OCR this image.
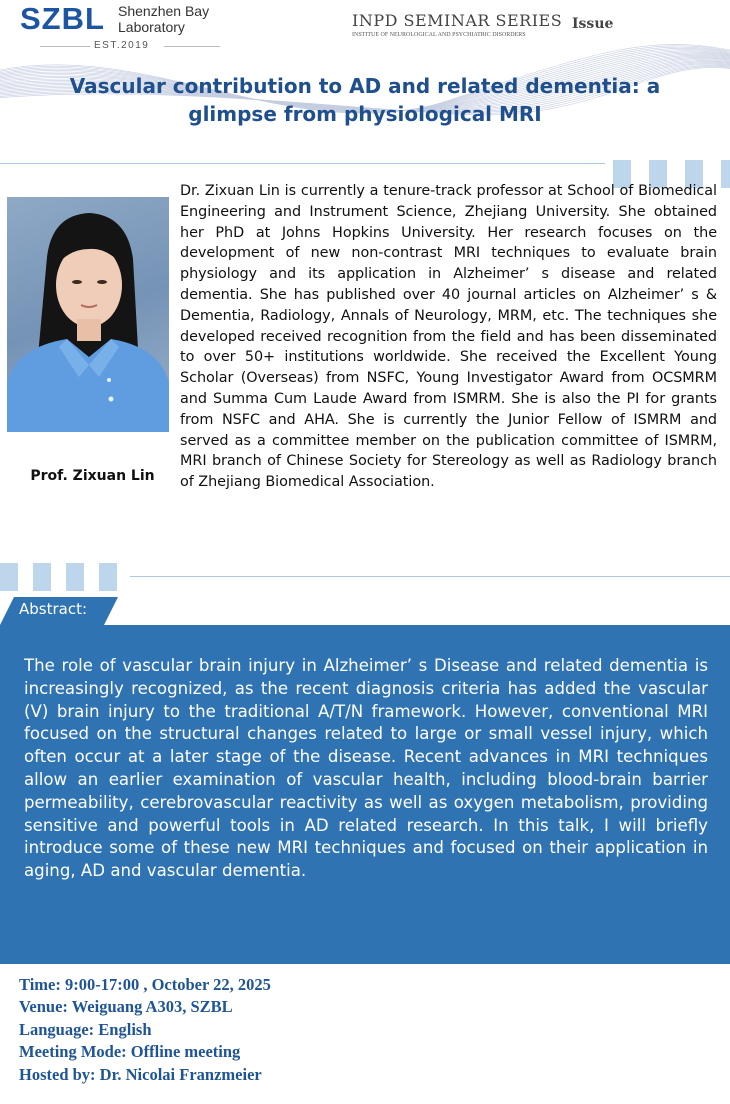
SZBL Shenzhen Bay
Laboratory
EST.2019
INPD SEMINAR SERIES
INSTITUE OF NEUROLOGICAL AND PSYCHIATRIC DISORDERS
Issue
Vascular contribution to AD and related dementia: a glimpse from physiological MRI
Prof. Zixuan Lin
Dr. Zixuan Lin is currently a tenure-track professor at School of Biomedical Engineering and Instrument Science, Zhejiang University. She obtained her PhD at Johns Hopkins University. Her research focuses on the development of new non-contrast MRI techniques to evaluate brain physiology and its application in Alzheimer’ s disease and related dementia. She has published over 40 journal articles on Alzheimer’ s & Dementia, Radiology, Annals of Neurology, MRM, etc. The techniques she developed received recognition from the field and has been disseminated to over 50+ institutions worldwide. She received the Excellent Young Scholar (Overseas) from NSFC, Young Investigator Award from OCSMRM and Summa Cum Laude Award from ISMRM. She is also the PI for grants from NSFC and AHA. She is currently the Junior Fellow of ISMRM and served as a committee member on the publication committee of ISMRM, MRI branch of Chinese Society for Stereology as well as Radiology branch of Zhejiang Biomedical Association.
Abstract:
The role of vascular brain injury in Alzheimer’ s Disease and related dementia is increasingly recognized, as the recent diagnosis criteria has added the vascular (V) brain injury to the traditional A/T/N framework. However, conventional MRI focused on the structural changes related to large or small vessel injury, which often occur at a later stage of the disease. Recent advances in MRI techniques allow an earlier examination of vascular health, including blood-brain barrier permeability, cerebrovascular reactivity as well as oxygen metabolism, providing sensitive and powerful tools in AD related research. In this talk, I will briefly introduce some of these new MRI techniques and focused on their application in aging, AD and vascular dementia.
Time: 9:00-17:00 , October 22, 2025
Venue: Weiguang A303, SZBL
Language: English
Meeting Mode: Offline meeting
Hosted by: Dr. Nicolai Franzmeier
